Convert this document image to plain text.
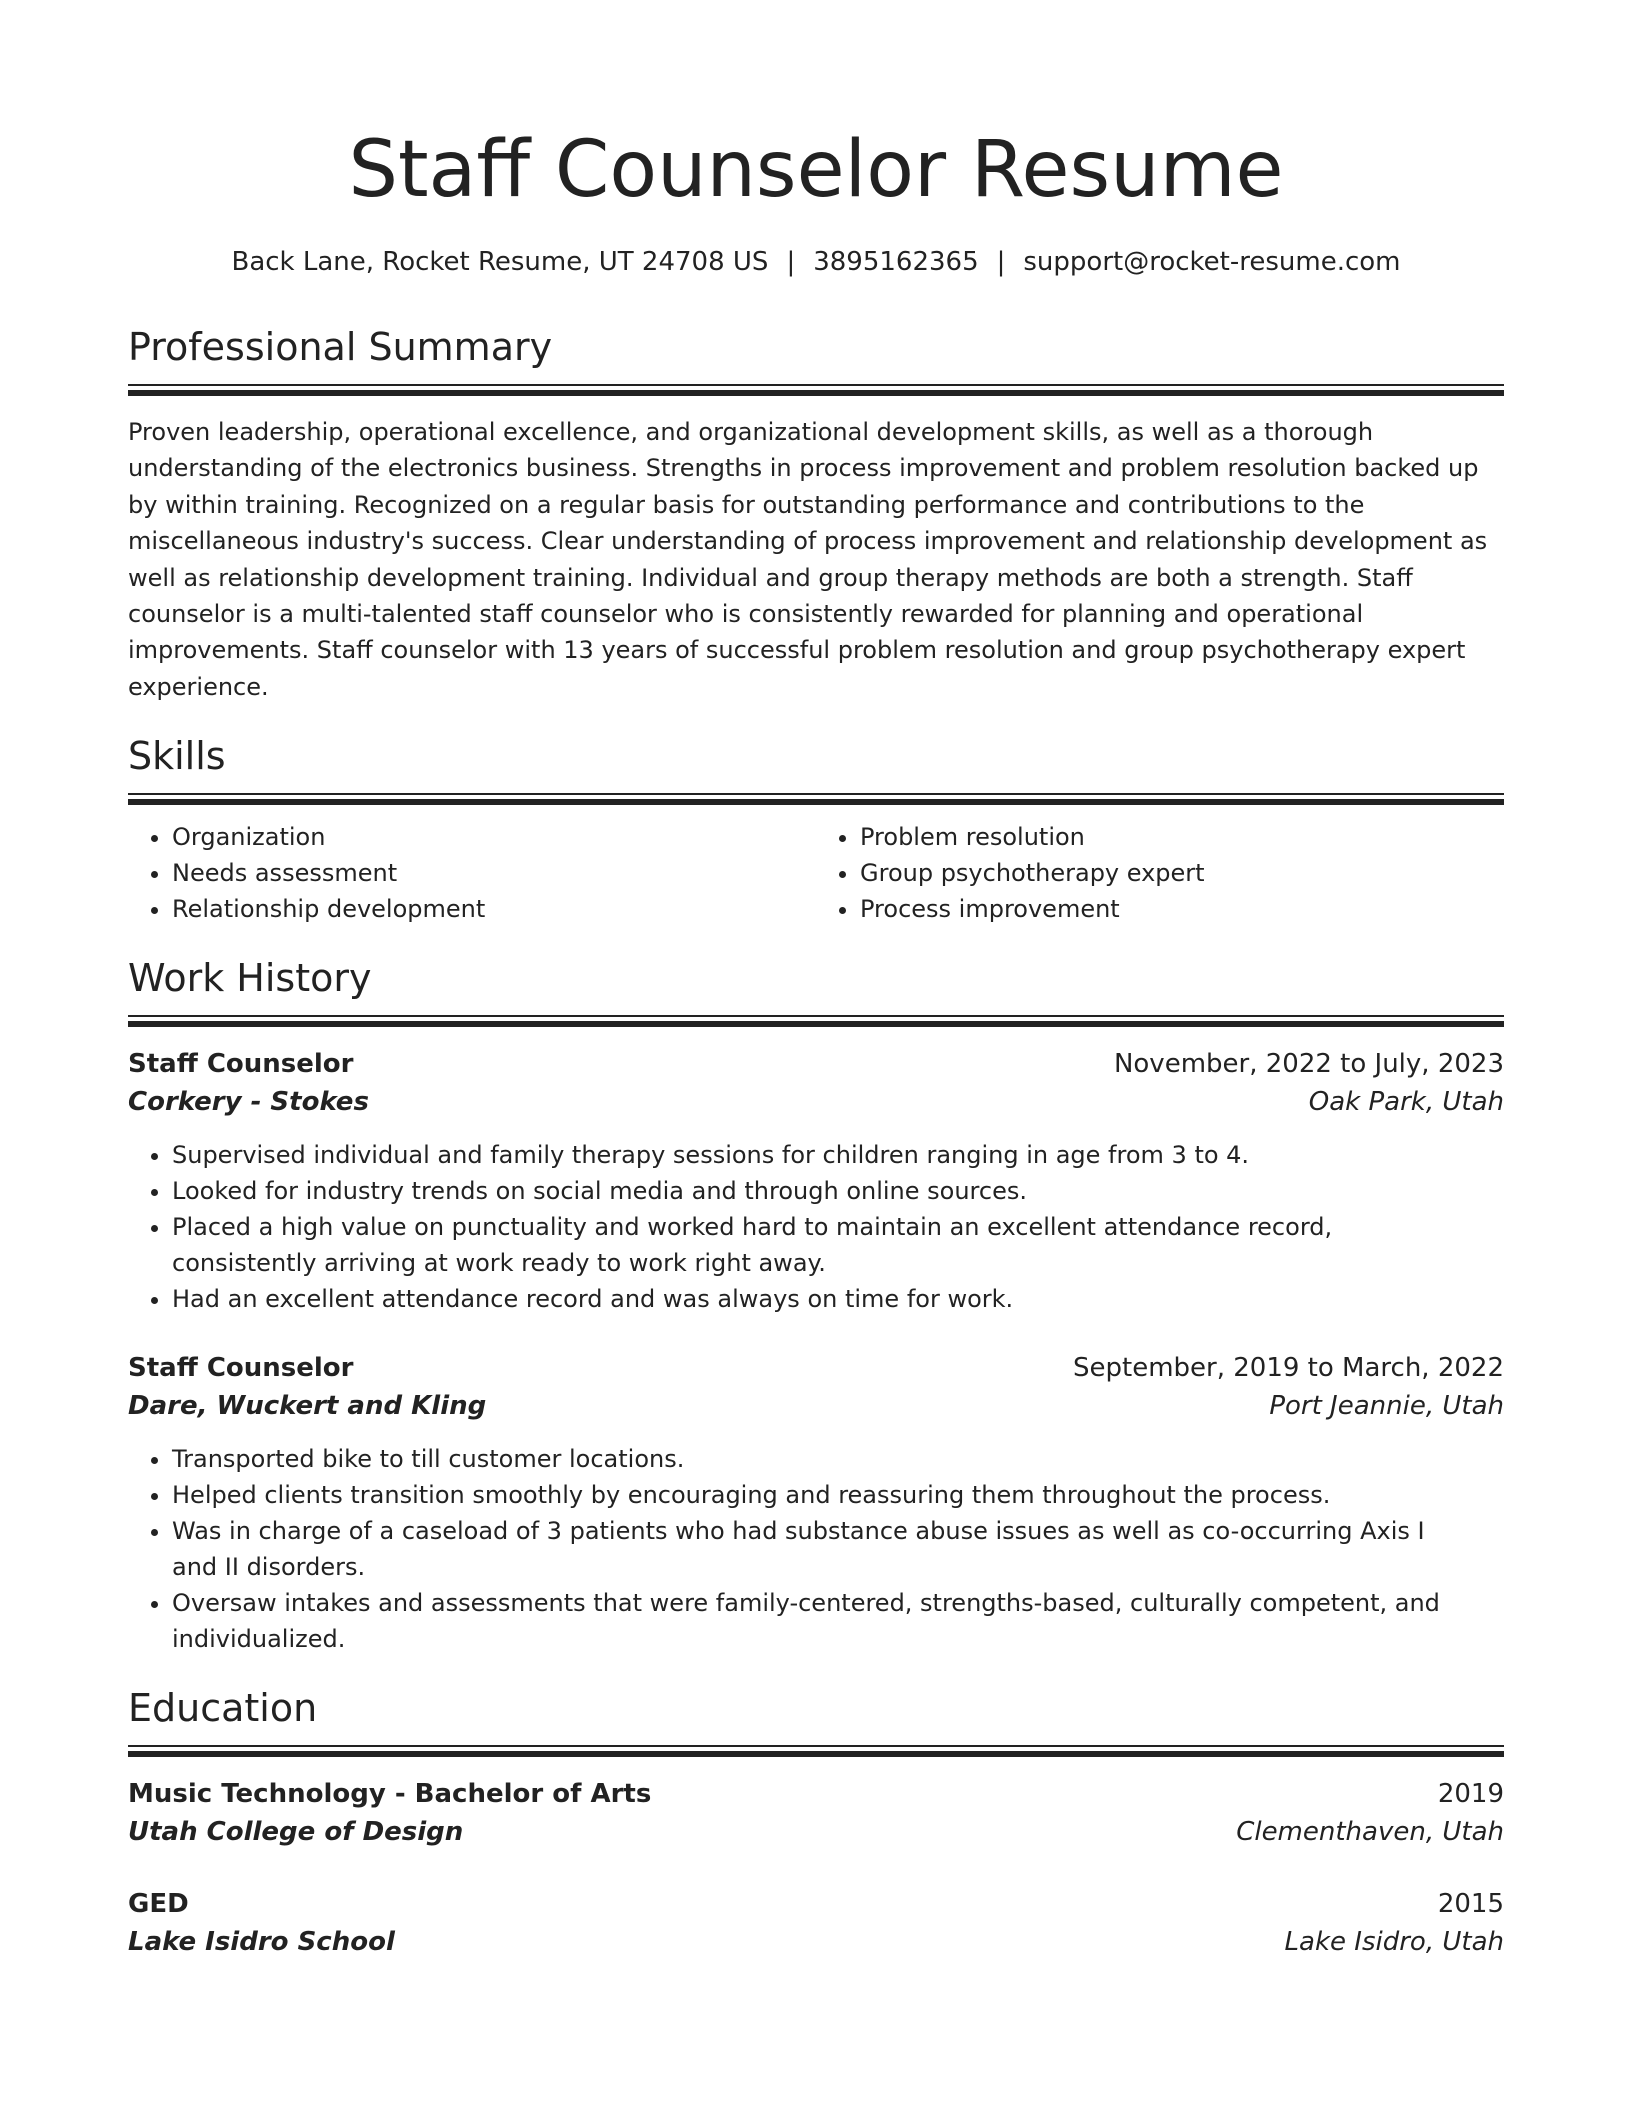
Staff Counselor Resume
Back Lane, Rocket Resume, UT 24708 US | 3895162365 | support@rocket-resume.com
Professional Summary

Proven leadership, operational excellence, and organizational development skills, as well as a thorough understanding of the electronics business. Strengths in process improvement and problem resolution backed up by within training. Recognized on a regular basis for outstanding performance and contributions to the miscellaneous industry's success. Clear understanding of process improvement and relationship development as well as relationship development training. Individual and group therapy methods are both a strength. Staff counselor is a multi-talented staff counselor who is consistently rewarded for planning and operational improvements. Staff counselor with 13 years of successful problem resolution and group psychotherapy expert experience.

Skills
• Organization
• Needs assessment
• Relationship development
• Problem resolution
• Group psychotherapy expert
• Process improvement
Work History
Staff Counselor	November, 2022 to July, 2023
Corkery - Stokes	Oak Park, Utah
• Supervised individual and family therapy sessions for children ranging in age from 3 to 4.
• Looked for industry trends on social media and through online sources.
• Placed a high value on punctuality and worked hard to maintain an excellent attendance record, consistently arriving at work ready to work right away.
• Had an excellent attendance record and was always on time for work.
Staff Counselor	September, 2019 to March, 2022
Dare, Wuckert and Kling	Port Jeannie, Utah
• Transported bike to till customer locations.
• Helped clients transition smoothly by encouraging and reassuring them throughout the process.
• Was in charge of a caseload of 3 patients who had substance abuse issues as well as co-occurring Axis I and II disorders.
• Oversaw intakes and assessments that were family-centered, strengths-based, culturally competent, and individualized.
Education
Music Technology - Bachelor of Arts	2019
Utah College of Design	Clementhaven, Utah
GED	2015
Lake Isidro School	Lake Isidro, Utah
